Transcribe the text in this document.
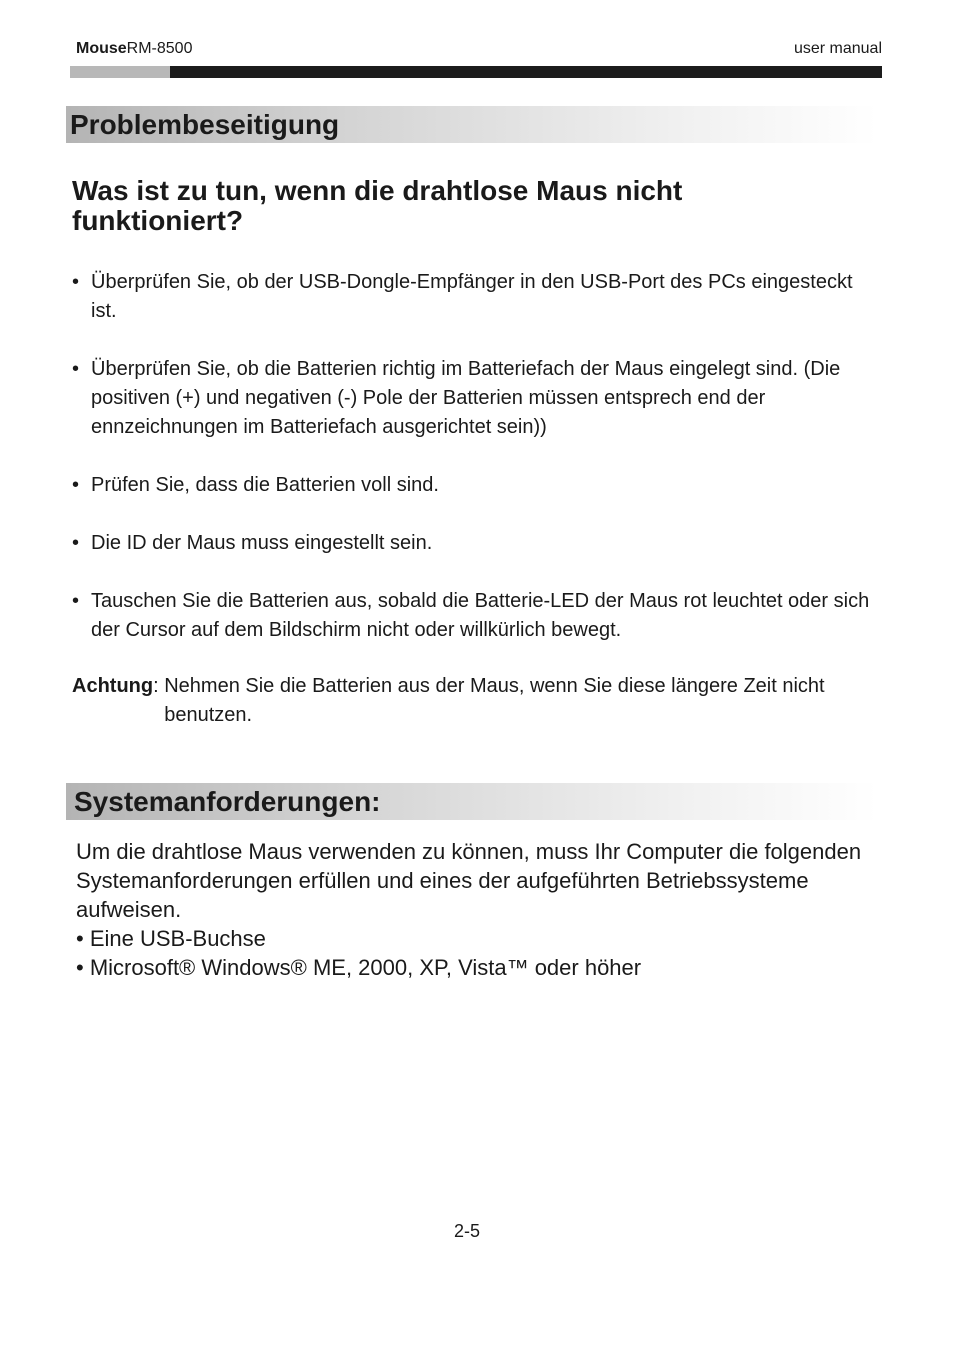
MouseRM-8500	user manual
Problembeseitigung
Was ist zu tun, wenn die drahtlose Maus nicht funktioniert?
• Überprüfen Sie, ob der USB-Dongle-Empfänger in den USB-Port des PCs eingesteckt ist.
• Überprüfen Sie, ob die Batterien richtig im Batteriefach der Maus eingelegt sind. (Die positiven (+) und negativen (-) Pole der Batterien müssen entsprech end der ennzeichnungen im Batteriefach ausgerichtet sein))
• Prüfen Sie, dass die Batterien voll sind.
• Die ID der Maus muss eingestellt sein.
• Tauschen Sie die Batterien aus, sobald die Batterie-LED der Maus rot leuchtet oder sich der Cursor auf dem Bildschirm nicht oder willkürlich bewegt.
Achtung : Nehmen Sie die Batterien aus der Maus, wenn Sie diese längere Zeit nicht benutzen.
Systemanforderungen:

Um die drahtlose Maus verwenden zu können, muss Ihr Computer die folgenden Systemanforderungen erfüllen und eines der aufgeführten Betriebssysteme aufweisen.

• Eine USB-Buchse

• Microsoft® Windows® ME, 2000, XP, Vista™ oder höher

2-5
